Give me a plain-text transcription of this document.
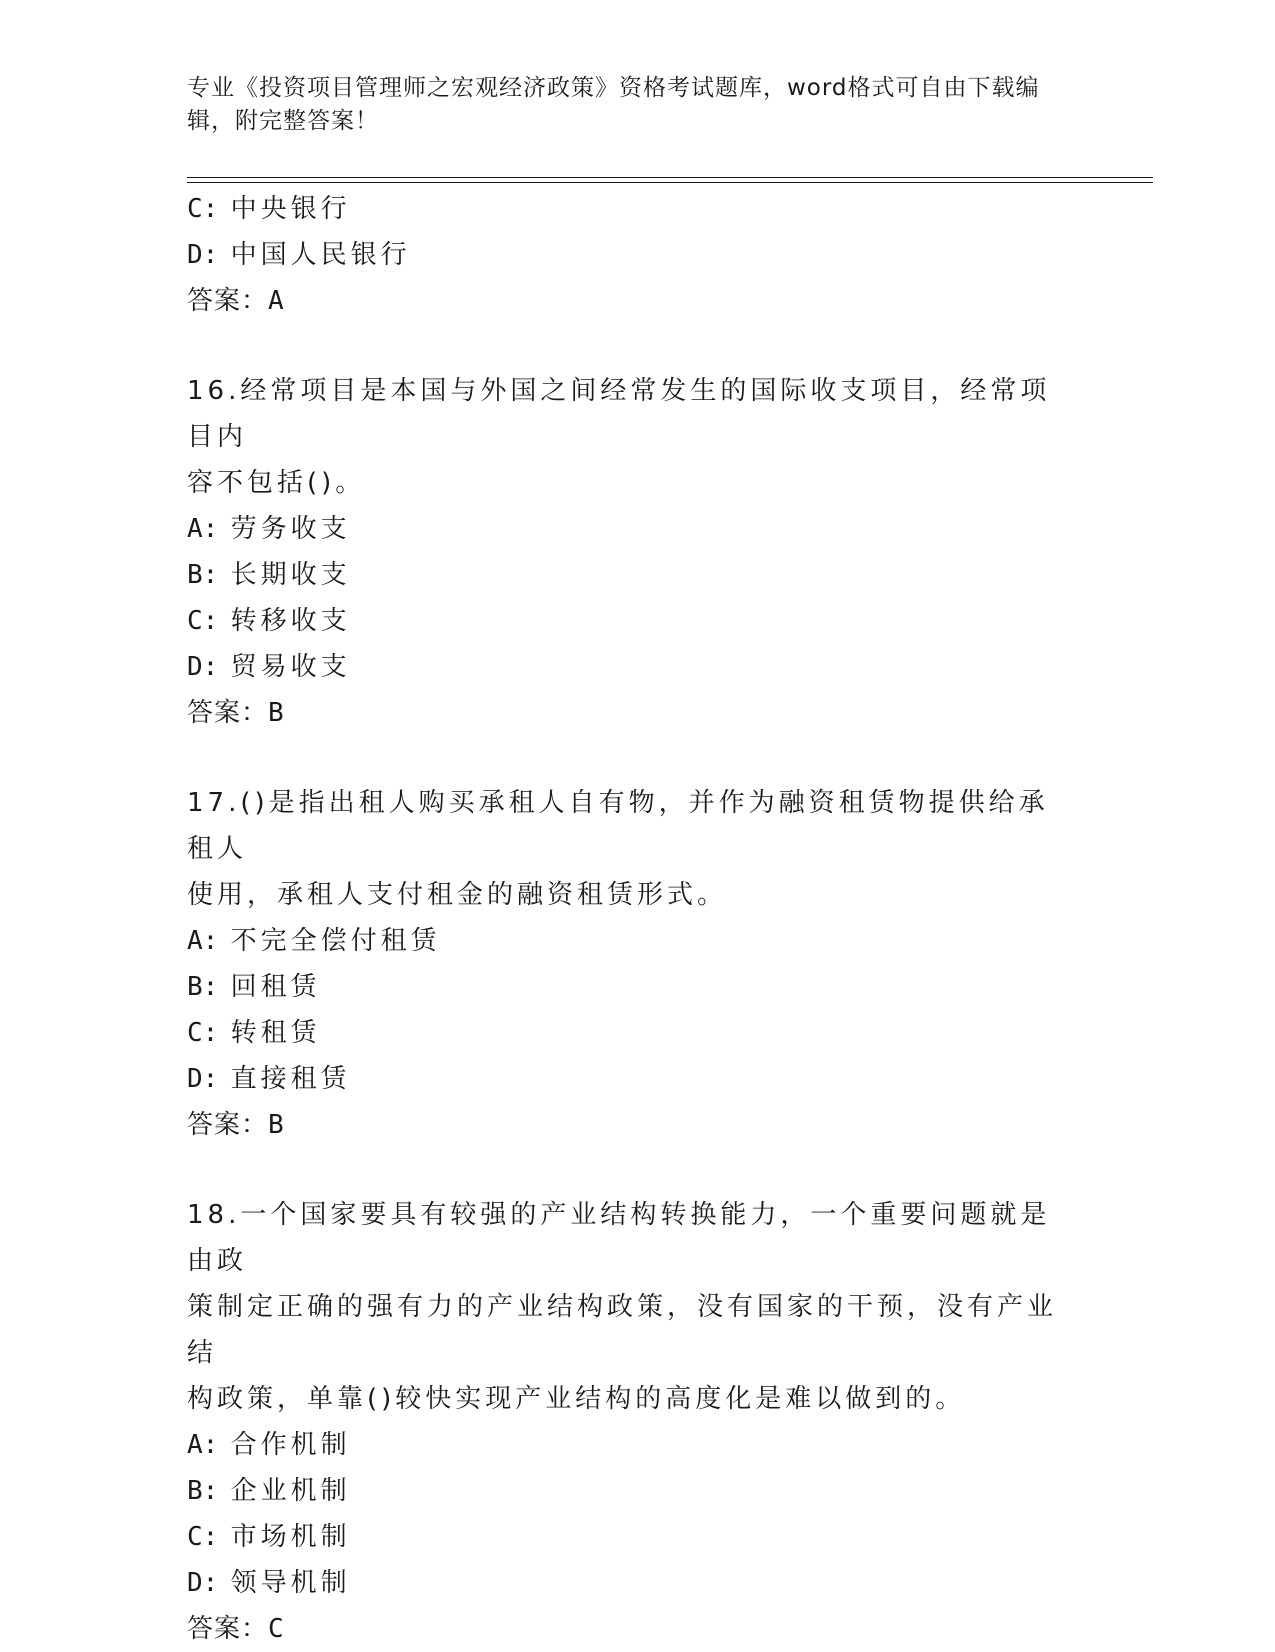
专业《投资项目管理师之宏观经济政策》资格考试题库，word格式可自由下载编
辑，附完整答案！
C: 中央银行
D: 中国人民银行
答案：A
16.经常项目是本国与外国之间经常发生的国际收支项目，经常项目内
容不包括()。
A: 劳务收支
B: 长期收支
C: 转移收支
D: 贸易收支
答案：B
17.()是指出租人购买承租人自有物，并作为融资租赁物提供给承租人
使用，承租人支付租金的融资租赁形式。
A: 不完全偿付租赁
B: 回租赁
C: 转租赁
D: 直接租赁
答案：B
18.一个国家要具有较强的产业结构转换能力，一个重要问题就是由政
策制定正确的强有力的产业结构政策，没有国家的干预，没有产业结
构政策，单靠()较快实现产业结构的高度化是难以做到的。
A: 合作机制
B: 企业机制
C: 市场机制
D: 领导机制
答案：C
